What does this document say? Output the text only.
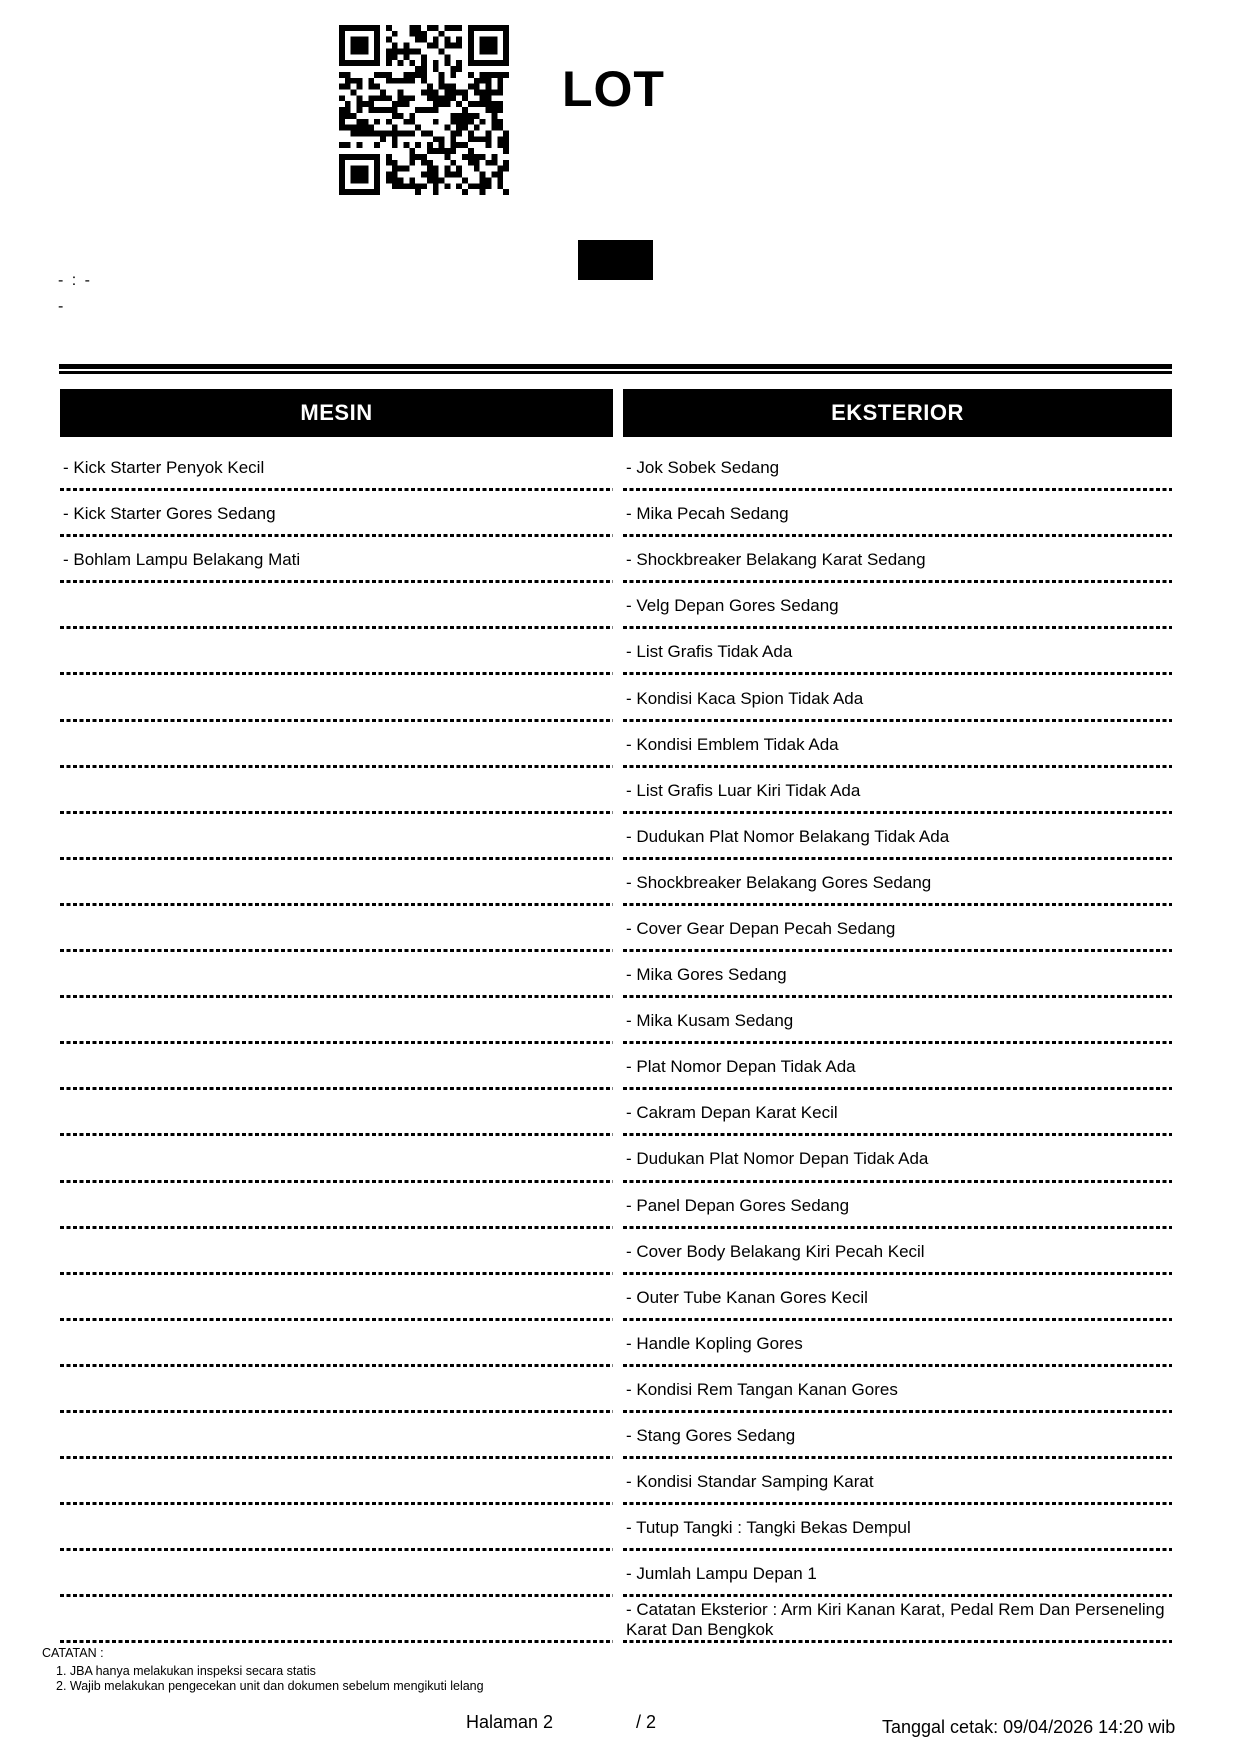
LOT
- : -
-
MESIN
- Kick Starter Penyok Kecil
- Kick Starter Gores Sedang
- Bohlam Lampu Belakang Mati
EKSTERIOR
- Jok Sobek Sedang
- Mika Pecah Sedang
- Shockbreaker Belakang Karat Sedang
- Velg Depan Gores Sedang
- List Grafis Tidak Ada
- Kondisi Kaca Spion Tidak Ada
- Kondisi Emblem Tidak Ada
- List Grafis Luar Kiri Tidak Ada
- Dudukan Plat Nomor Belakang Tidak Ada
- Shockbreaker Belakang Gores Sedang
- Cover Gear Depan Pecah Sedang
- Mika Gores Sedang
- Mika Kusam Sedang
- Plat Nomor Depan Tidak Ada
- Cakram Depan Karat Kecil
- Dudukan Plat Nomor Depan Tidak Ada
- Panel Depan Gores Sedang
- Cover Body Belakang Kiri Pecah Kecil
- Outer Tube Kanan Gores Kecil
- Handle Kopling Gores
- Kondisi Rem Tangan Kanan Gores
- Stang Gores Sedang
- Kondisi Standar Samping Karat
- Tutup Tangki : Tangki Bekas Dempul
- Jumlah Lampu Depan 1
- Catatan Eksterior : Arm Kiri Kanan Karat, Pedal Rem Dan Perseneling Karat Dan Bengkok
CATATAN :
1. JBA hanya melakukan inspeksi secara statis
2. Wajib melakukan pengecekan unit dan dokumen sebelum mengikuti lelang
Halaman 2	/ 2	Tanggal cetak: 09/04/2026 14:20 wib
